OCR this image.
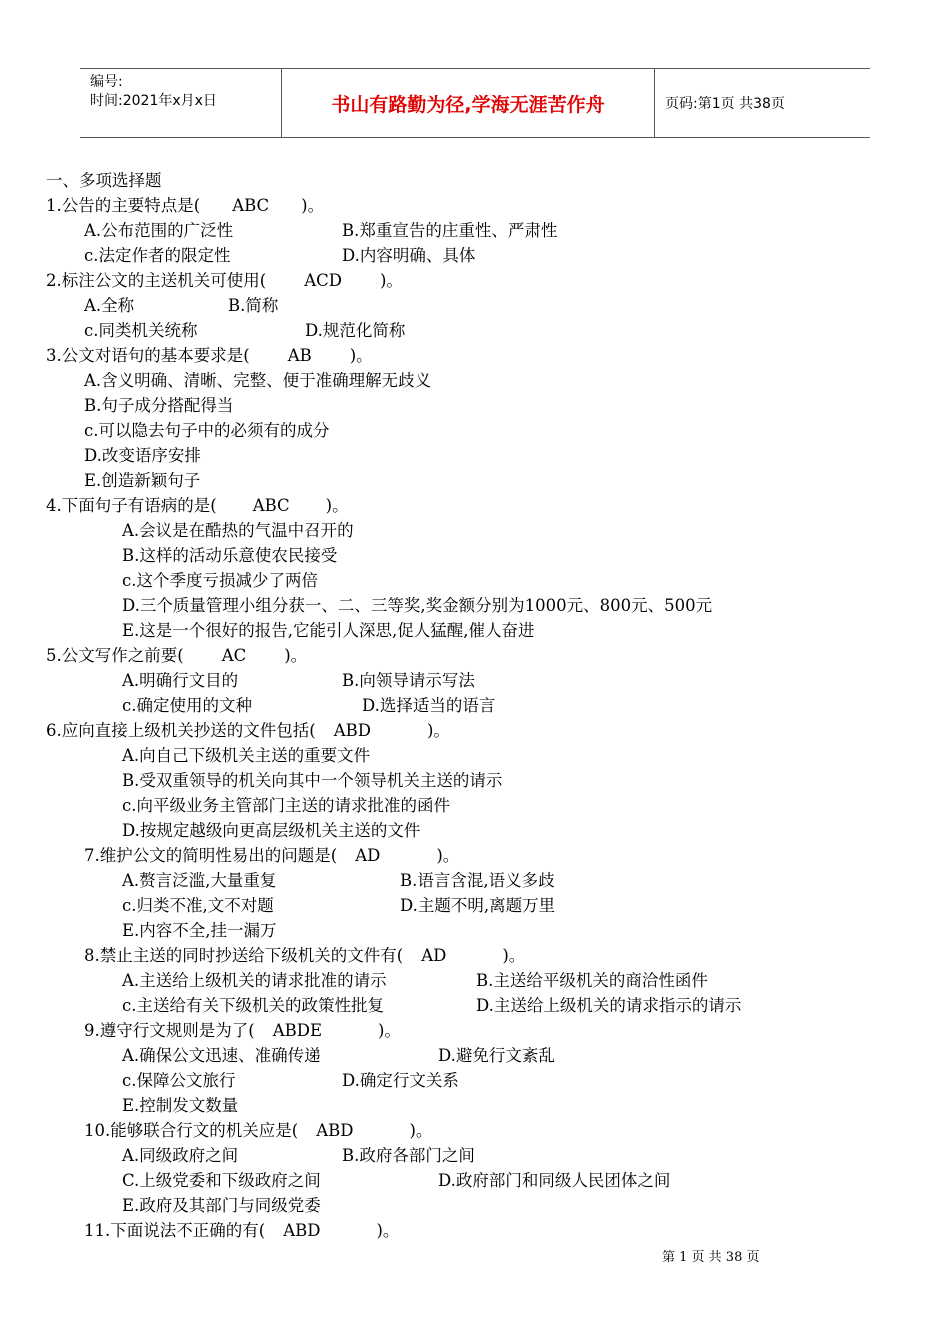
编号:
时间:2021年x月x日	书山有路勤为径,学海无涯苦作舟	页码:第1页 共38页
一、多项选择题
1.公告的主要特点是( ABC )。
A.公布范围的广泛性	B.郑重宣告的庄重性、严肃性
c.法定作者的限定性	D.内容明确、具体
2.标注公文的主送机关可使用( ACD )。
A.全称	B.简称
c.同类机关统称	D.规范化简称
3.公文对语句的基本要求是( AB )。
A.含义明确、清晰、完整、便于准确理解无歧义
B.句子成分搭配得当
c.可以隐去句子中的必须有的成分
D.改变语序安排
E.创造新颖句子
4.下面句子有语病的是( ABC )。
A.会议是在酷热的气温中召开的
B.这样的活动乐意使农民接受
c.这个季度亏损减少了两倍
D.三个质量管理小组分获一、二、三等奖,奖金额分别为1000元、800元、500元
E.这是一个很好的报告,它能引人深思,促人猛醒,催人奋进
5.公文写作之前要( AC )。
A.明确行文目的	B.向领导请示写法
c.确定使用的文种	D.选择适当的语言
6.应向直接上级机关抄送的文件包括( ABD	)。
A.向自己下级机关主送的重要文件
B.受双重领导的机关向其中一个领导机关主送的请示
c.向平级业务主管部门主送的请求批准的函件
D.按规定越级向更高层级机关主送的文件
7.维护公文的简明性易出的问题是( AD	)。
A.赘言泛滥,大量重复	B.语言含混,语义多歧
c.归类不准,文不对题	D.主题不明,离题万里
E.内容不全,挂一漏万
8.禁止主送的同时抄送给下级机关的文件有( AD	)。
A.主送给上级机关的请求批准的请示	B.主送给平级机关的商洽性函件
c.主送给有关下级机关的政策性批复	D.主送给上级机关的请求指示的请示
9.遵守行文规则是为了( ABDE	)。
A.确保公文迅速、准确传递	D.避免行文紊乱
c.保障公文旅行	D.确定行文关系
E.控制发文数量
10.能够联合行文的机关应是( ABD	)。
A.同级政府之间	B.政府各部门之间
C.上级党委和下级政府之间	D.政府部门和同级人民团体之间
E.政府及其部门与同级党委
11.下面说法不正确的有( ABD	)。
第 1 页 共 38 页
